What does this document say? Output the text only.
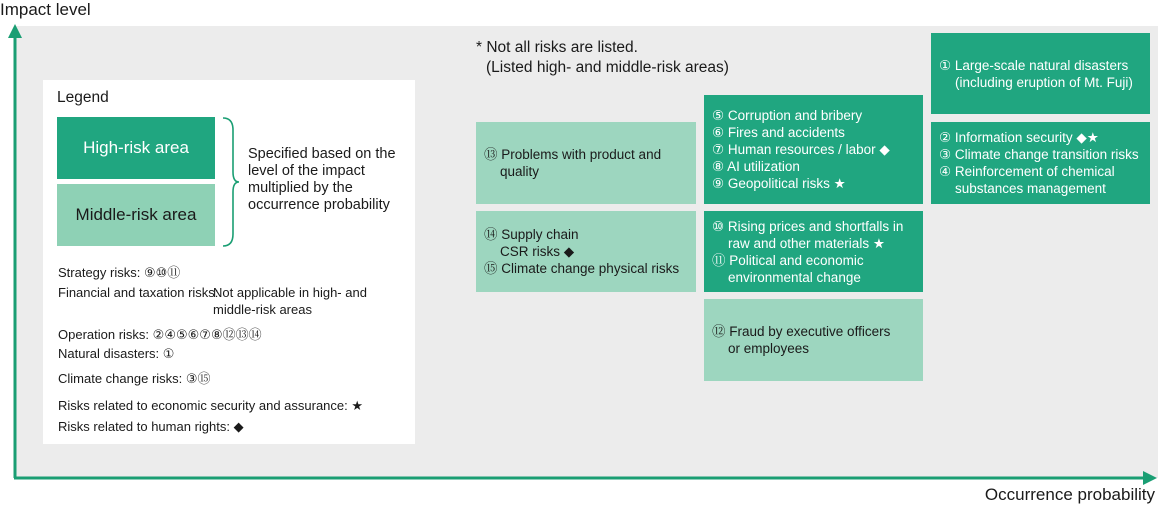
Impact level
Occurrence probability
* Not all risks are listed.
(Listed high- and middle-risk areas)
Legend
High-risk area
Middle-risk area
Specified based on the level of the impact multiplied by the occurrence probability
Strategy risks: ⑨⑩⑪
Financial and taxation risks:
Not applicable in high- and
middle-risk areas
Operation risks: ②④⑤⑥⑦⑧⑫⑬⑭
Natural disasters: ①
Climate change risks: ③⑮
Risks related to economic security and assurance: ★
Risks related to human rights: ◆
① Large-scale natural disasters
(including eruption of Mt. Fuji)
② Information security ◆★
③ Climate change transition risks
④ Reinforcement of chemical
substances management
⑤ Corruption and bribery
⑥ Fires and accidents
⑦ Human resources / labor ◆
⑧ AI utilization
⑨ Geopolitical risks ★
⑩ Rising prices and shortfalls in
raw and other materials ★
⑪ Political and economic
environmental change
⑫ Fraud by executive officers
or employees
⑬ Problems with product and
quality
⑭ Supply chain
CSR risks ◆
⑮ Climate change physical risks
